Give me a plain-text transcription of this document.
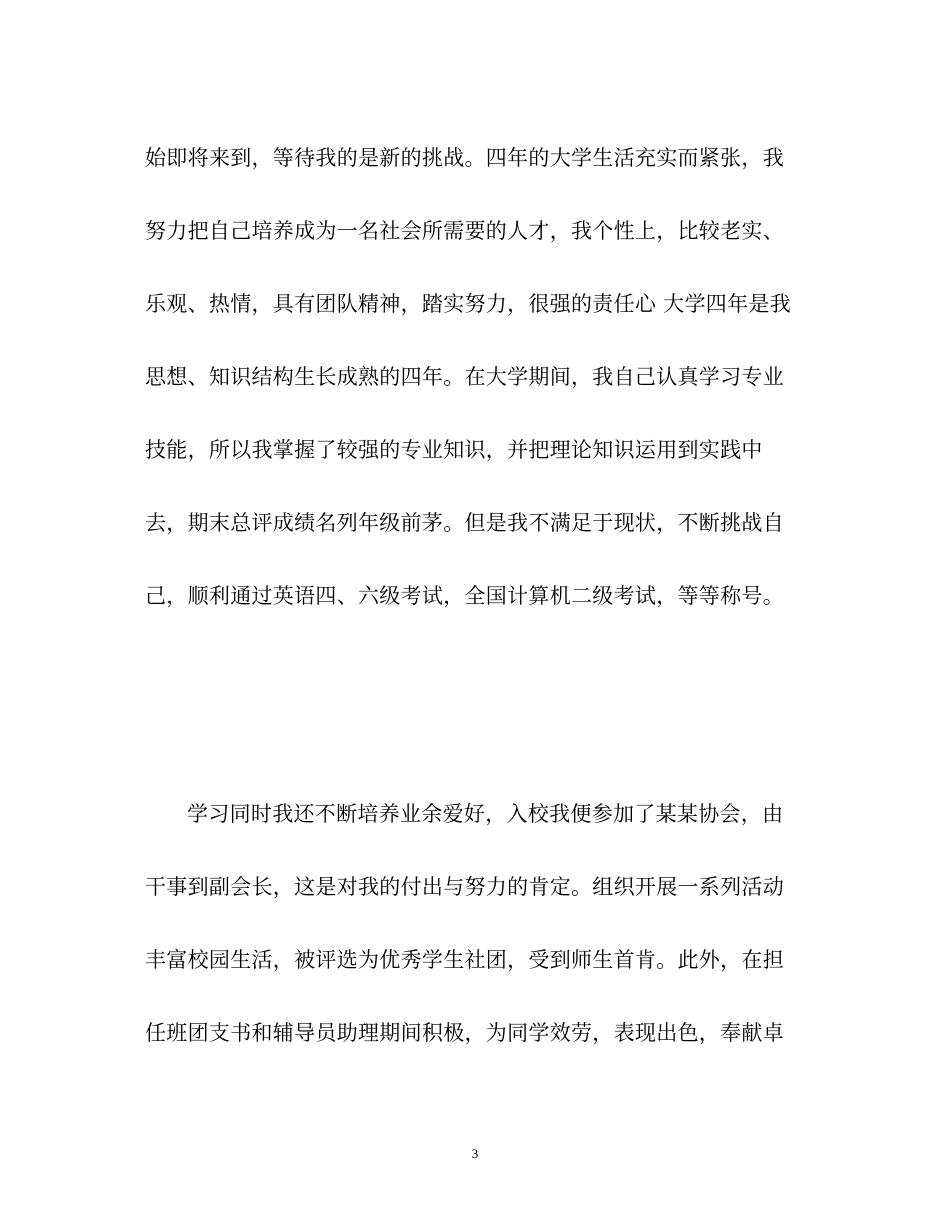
始即将来到，等待我的是新的挑战。四年的大学生活充实而紧张，我
努力把自己培养成为一名社会所需要的人才，我个性上，比较老实、
乐观、热情，具有团队精神，踏实努力，很强的责任心 大学四年是我
思想、知识结构生长成熟的四年。在大学期间，我自己认真学习专业
技能，所以我掌握了较强的专业知识，并把理论知识运用到实践中
去，期末总评成绩名列年级前茅。但是我不满足于现状，不断挑战自
己，顺利通过英语四、六级考试，全国计算机二级考试，等等称号。
学习同时我还不断培养业余爱好，入校我便参加了某某协会，由
干事到副会长，这是对我的付出与努力的肯定。组织开展一系列活动
丰富校园生活，被评选为优秀学生社团，受到师生首肯。此外，在担
任班团支书和辅导员助理期间积极，为同学效劳，表现出色，奉献卓
3
